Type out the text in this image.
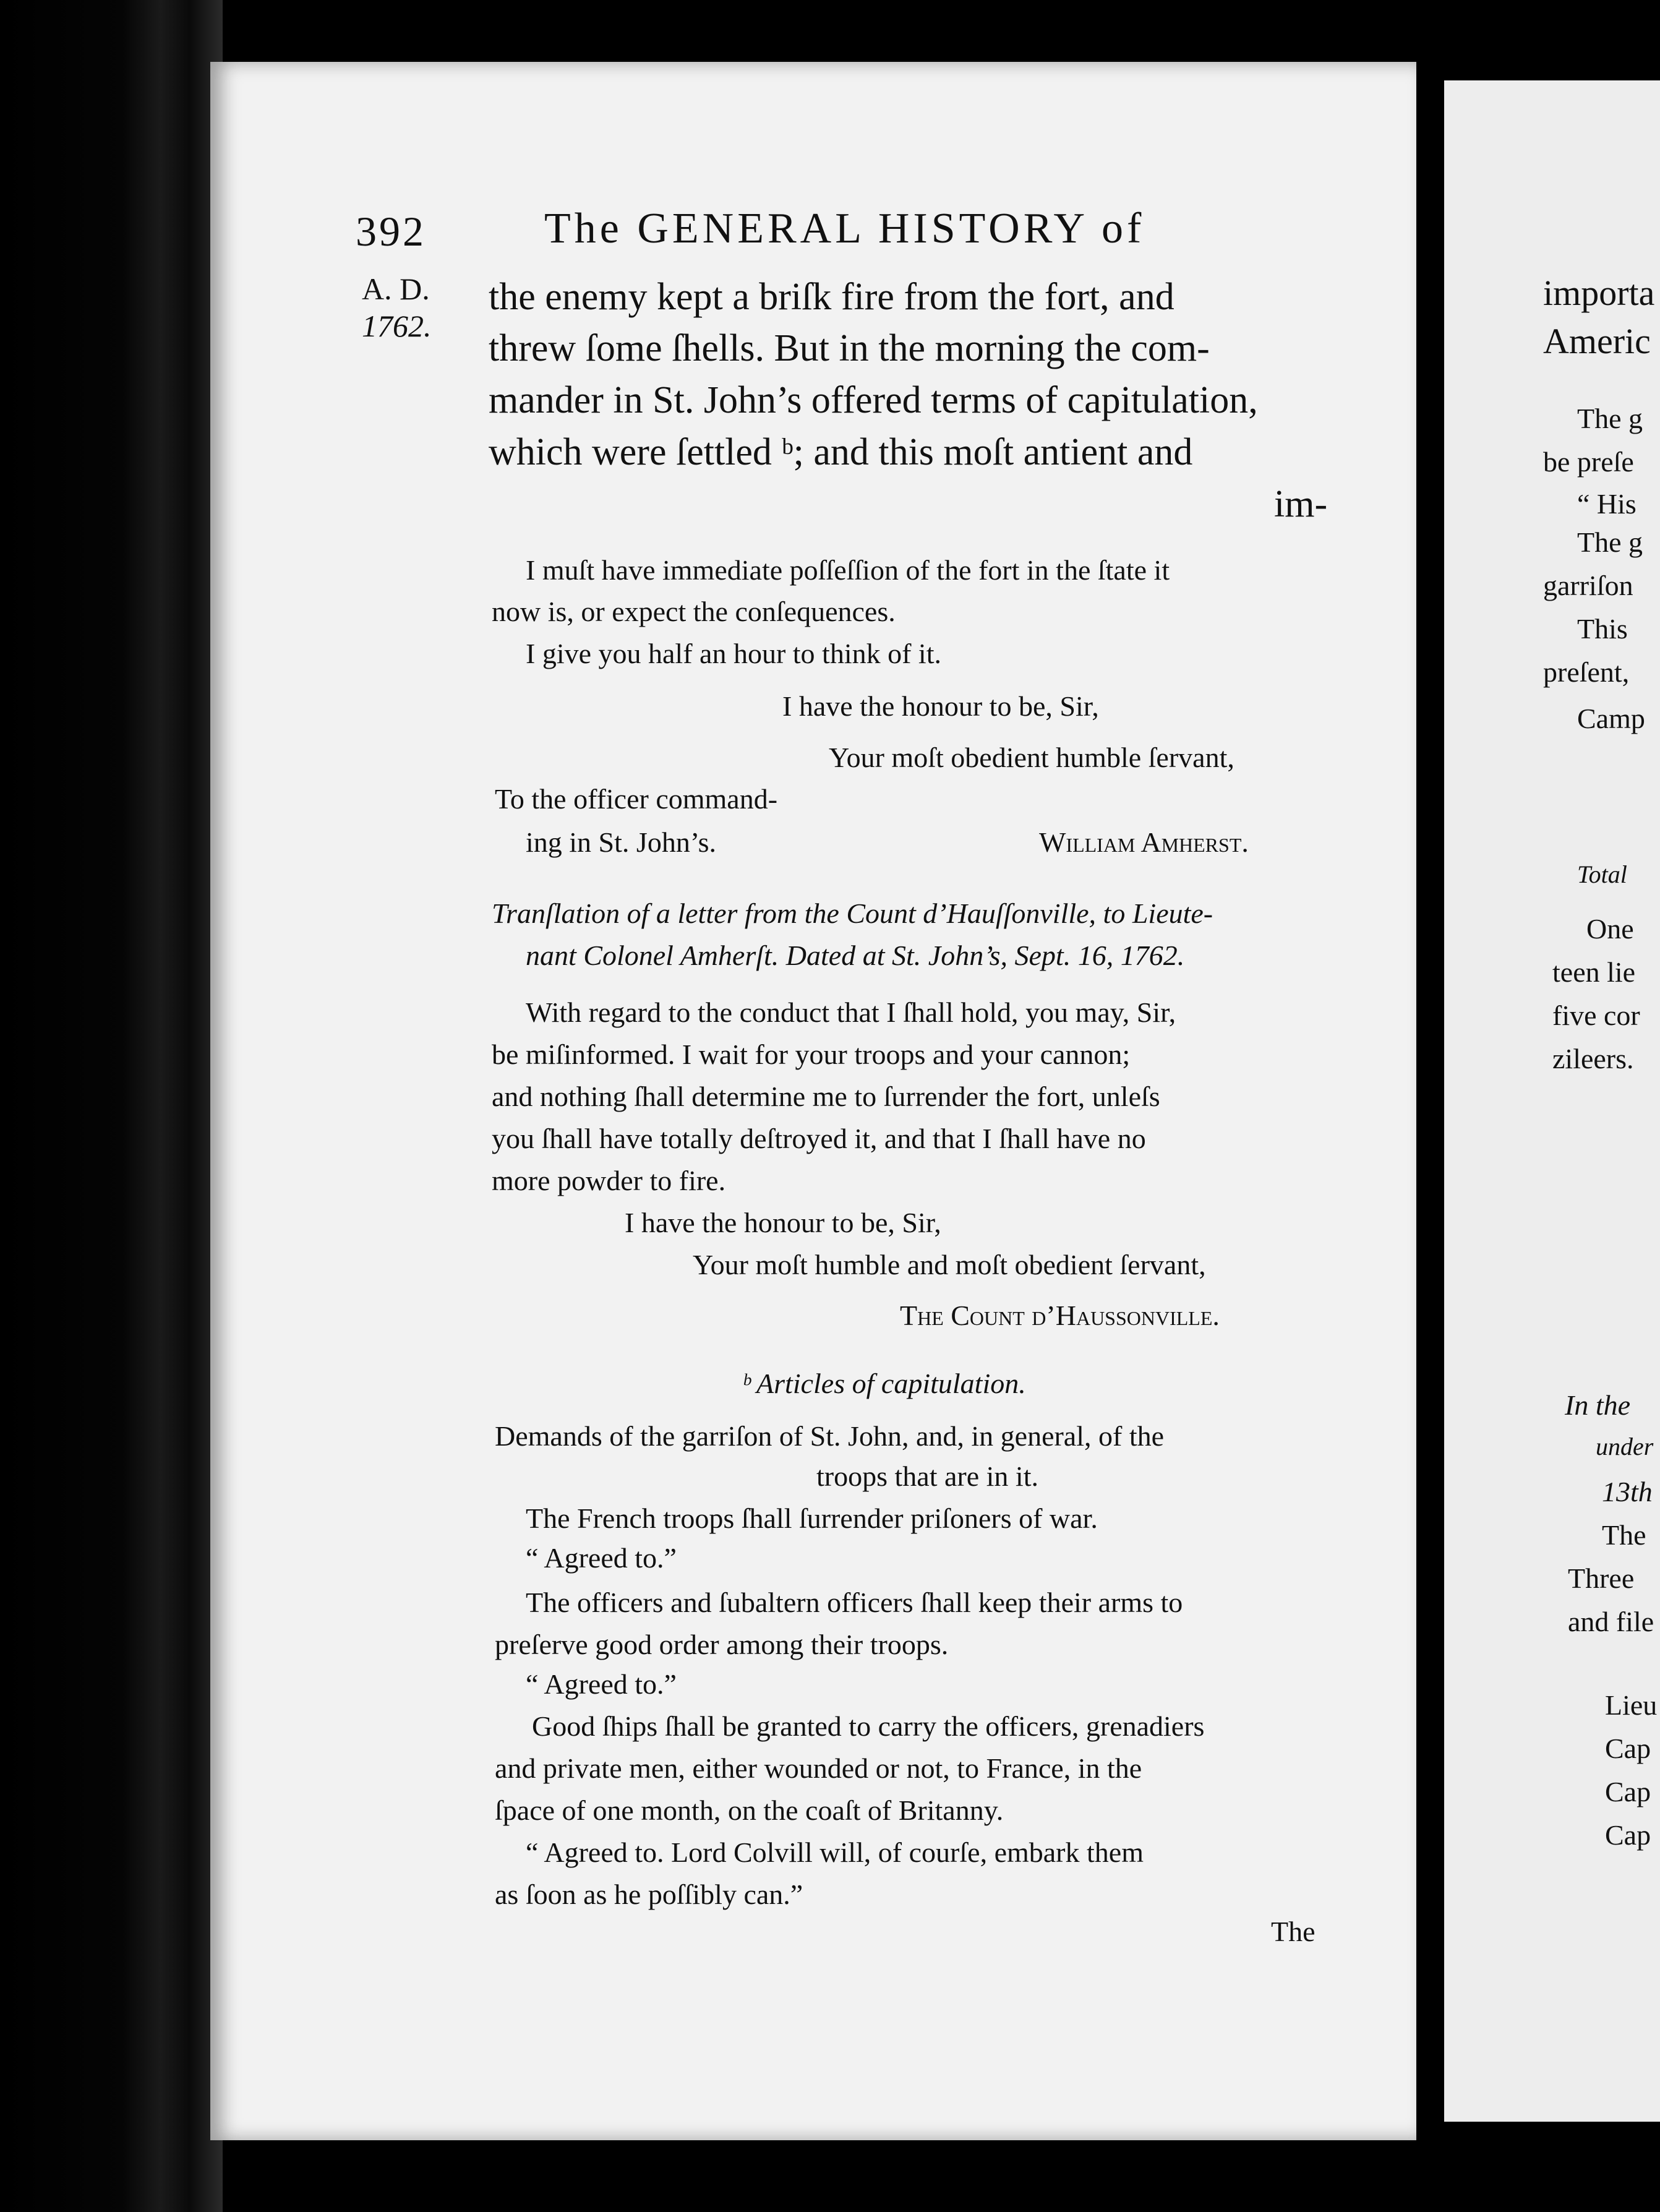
392	The GENERAL HISTORY of
A. D.
1762.
the enemy kept a briſk fire from the fort, and
threw ſome ſhells. But in the morning the com-
mander in St. John’s offered terms of capitulation,
which were ſettled ᵇ; and this moſt antient and
im-
I muſt have immediate poſſeſſion of the fort in the ſtate it
now is, or expect the conſequences.
I give you half an hour to think of it.
I have the honour to be, Sir,
Your moſt obedient humble ſervant,
To the officer command-
ing in St. John’s.	William Amherst.
Tranſlation of a letter from the Count d’Hauſſonville, to Lieute-
nant Colonel Amherſt. Dated at St. John’s, Sept. 16, 1762.
With regard to the conduct that I ſhall hold, you may, Sir,
be miſinformed. I wait for your troops and your cannon;
and nothing ſhall determine me to ſurrender the fort, unleſs
you ſhall have totally deſtroyed it, and that I ſhall have no
more powder to fire.
I have the honour to be, Sir,
Your moſt humble and moſt obedient ſervant,
The Count d’Haussonville.
ᵇ Articles of capitulation.
Demands of the garriſon of St. John, and, in general, of the
troops that are in it.
The French troops ſhall ſurrender priſoners of war.
“ Agreed to.”
The officers and ſubaltern officers ſhall keep their arms to
preſerve good order among their troops.
“ Agreed to.”
Good ſhips ſhall be granted to carry the officers, grenadiers
and private men, either wounded or not, to France, in the
ſpace of one month, on the coaſt of Britanny.
“ Agreed to. Lord Colvill will, of courſe, embark them
as ſoon as he poſſibly can.”
The
importa
Americ
The g
be preſe
“ His
The g
garriſon
This
preſent,
Camp
Total
One
teen lie
five cor
zileers.
In the
under
13th
The
Three
and file
Lieu
Cap
Cap
Cap
